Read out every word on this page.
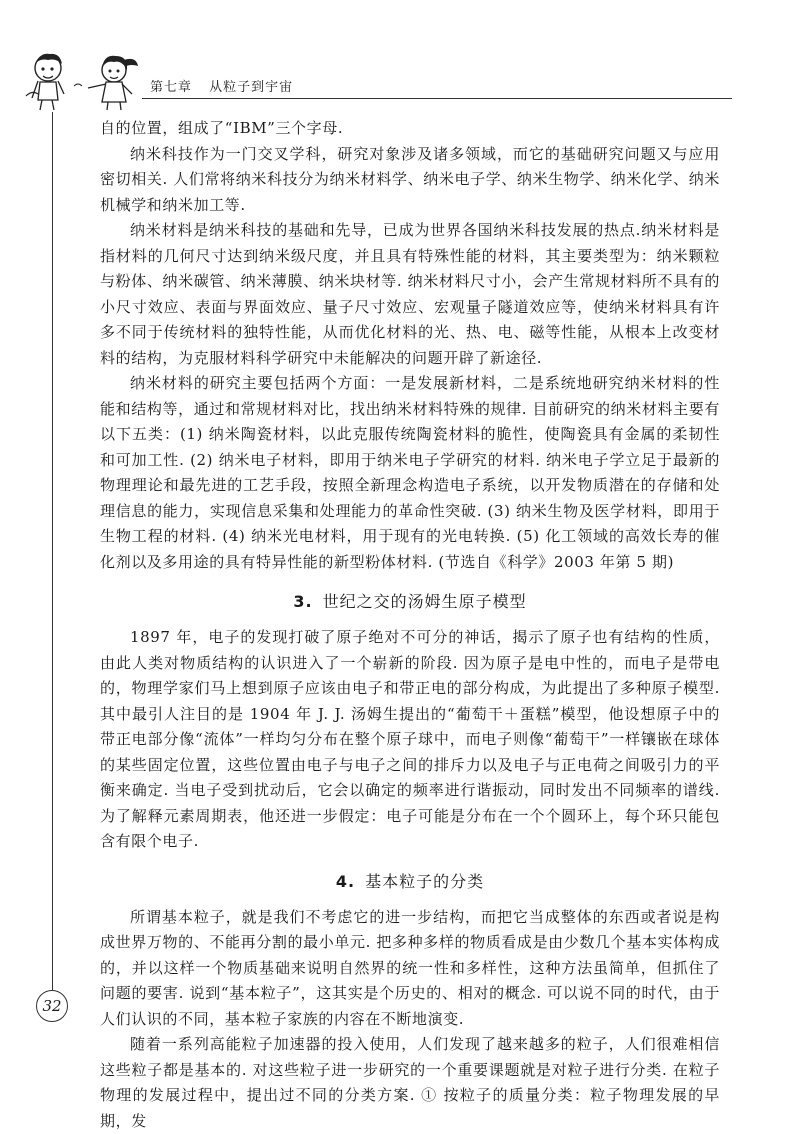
第七章 从粒子到宇宙

自的位置，组成了“IBM”三个字母.

纳米科技作为一门交叉学科，研究对象涉及诸多领域，而它的基础研究问题又与应用密切相关. 人们常将纳米科技分为纳米材料学、纳米电子学、纳米生物学、纳米化学、纳米机械学和纳米加工等.

纳米材料是纳米科技的基础和先导，已成为世界各国纳米科技发展的热点.纳米材料是指材料的几何尺寸达到纳米级尺度，并且具有特殊性能的材料，其主要类型为：纳米颗粒与粉体、纳米碳管、纳米薄膜、纳米块材等. 纳米材料尺寸小，会产生常规材料所不具有的小尺寸效应、表面与界面效应、量子尺寸效应、宏观量子隧道效应等，使纳米材料具有许多不同于传统材料的独特性能，从而优化材料的光、热、电、磁等性能，从根本上改变材料的结构，为克服材料科学研究中未能解决的问题开辟了新途径.

纳米材料的研究主要包括两个方面：一是发展新材料，二是系统地研究纳米材料的性能和结构等，通过和常规材料对比，找出纳米材料特殊的规律. 目前研究的纳米材料主要有以下五类：(1) 纳米陶瓷材料，以此克服传统陶瓷材料的脆性，使陶瓷具有金属的柔韧性和可加工性. (2) 纳米电子材料，即用于纳米电子学研究的材料. 纳米电子学立足于最新的物理理论和最先进的工艺手段，按照全新理念构造电子系统，以开发物质潜在的存储和处理信息的能力，实现信息采集和处理能力的革命性突破. (3) 纳米生物及医学材料，即用于生物工程的材料. (4) 纳米光电材料，用于现有的光电转换. (5) 化工领域的高效长寿的催化剂以及多用途的具有特异性能的新型粉体材料. (节选自《科学》2003 年第 5 期)

3. 世纪之交的汤姆生原子模型

1897 年，电子的发现打破了原子绝对不可分的神话，揭示了原子也有结构的性质，由此人类对物质结构的认识进入了一个崭新的阶段. 因为原子是电中性的，而电子是带电的，物理学家们马上想到原子应该由电子和带正电的部分构成，为此提出了多种原子模型. 其中最引人注目的是 1904 年 J. J. 汤姆生提出的“葡萄干＋蛋糕”模型，他设想原子中的带正电部分像“流体”一样均匀分布在整个原子球中，而电子则像“葡萄干”一样镶嵌在球体的某些固定位置，这些位置由电子与电子之间的排斥力以及电子与正电荷之间吸引力的平衡来确定. 当电子受到扰动后，它会以确定的频率进行谐振动，同时发出不同频率的谱线. 为了解释元素周期表，他还进一步假定：电子可能是分布在一个个圆环上，每个环只能包含有限个电子.

4. 基本粒子的分类

所谓基本粒子，就是我们不考虑它的进一步结构，而把它当成整体的东西或者说是构成世界万物的、不能再分割的最小单元. 把多种多样的物质看成是由少数几个基本实体构成的，并以这样一个物质基础来说明自然界的统一性和多样性，这种方法虽简单，但抓住了问题的要害. 说到“基本粒子”，这其实是个历史的、相对的概念. 可以说不同的时代，由于人们认识的不同，基本粒子家族的内容在不断地演变.

随着一系列高能粒子加速器的投入使用，人们发现了越来越多的粒子，人们很难相信这些粒子都是基本的. 对这些粒子进一步研究的一个重要课题就是对粒子进行分类. 在粒子物理的发展过程中，提出过不同的分类方案. ① 按粒子的质量分类：粒子物理发展的早期，发

32
